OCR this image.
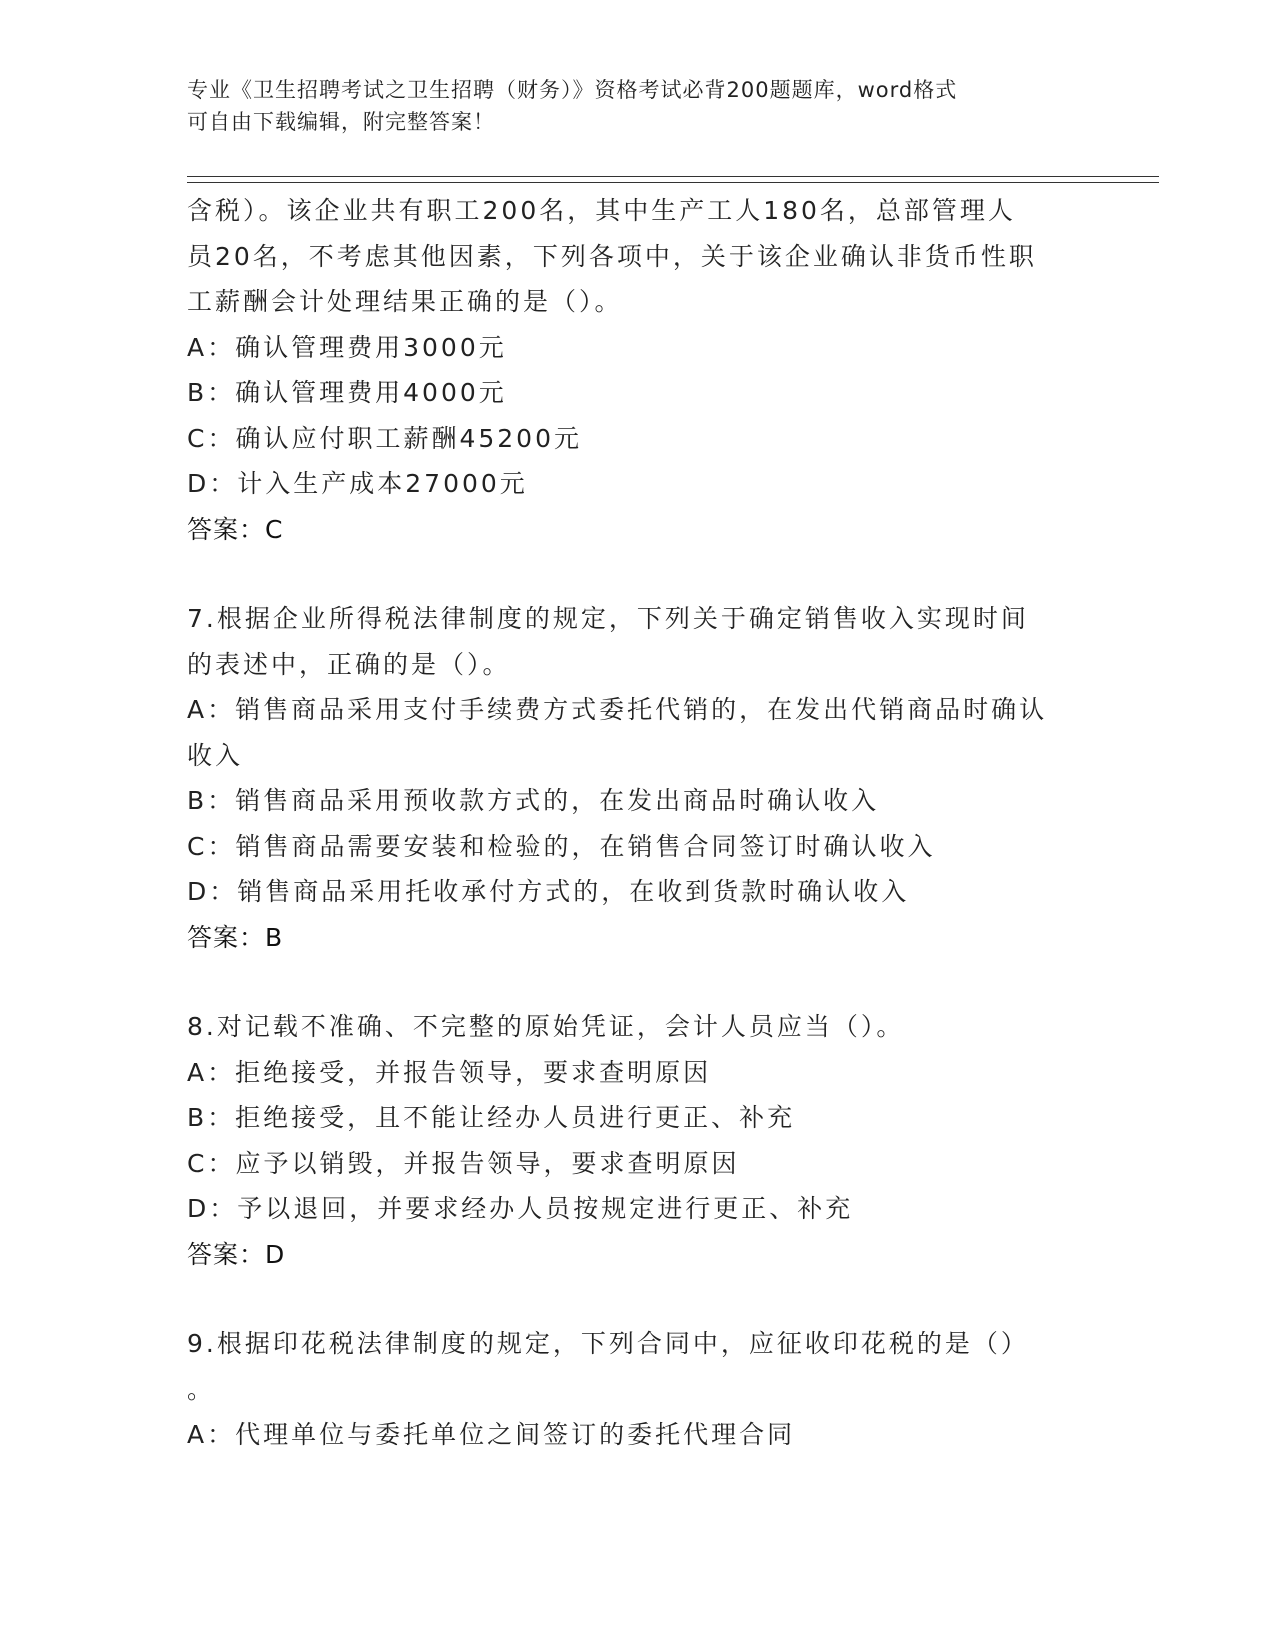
专业《卫生招聘考试之卫生招聘（财务）》资格考试必背200题题库，word格式
可自由下载编辑，附完整答案！
含税）。该企业共有职工200名，其中生产工人180名，总部管理人
员20名，不考虑其他因素，下列各项中，关于该企业确认非货币性职
工薪酬会计处理结果正确的是（）。
A：确认管理费用3000元
B：确认管理费用4000元
C：确认应付职工薪酬45200元
D：计入生产成本27000元
答案：C
7.根据企业所得税法律制度的规定，下列关于确定销售收入实现时间
的表述中，正确的是（）。
A：销售商品采用支付手续费方式委托代销的，在发出代销商品时确认
收入
B：销售商品采用预收款方式的，在发出商品时确认收入
C：销售商品需要安装和检验的，在销售合同签订时确认收入
D：销售商品采用托收承付方式的，在收到货款时确认收入
答案：B
8.对记载不准确、不完整的原始凭证，会计人员应当（）。
A：拒绝接受，并报告领导，要求查明原因
B：拒绝接受，且不能让经办人员进行更正、补充
C：应予以销毁，并报告领导，要求查明原因
D：予以退回，并要求经办人员按规定进行更正、补充
答案：D
9.根据印花税法律制度的规定，下列合同中，应征收印花税的是（）
。
A：代理单位与委托单位之间签订的委托代理合同
